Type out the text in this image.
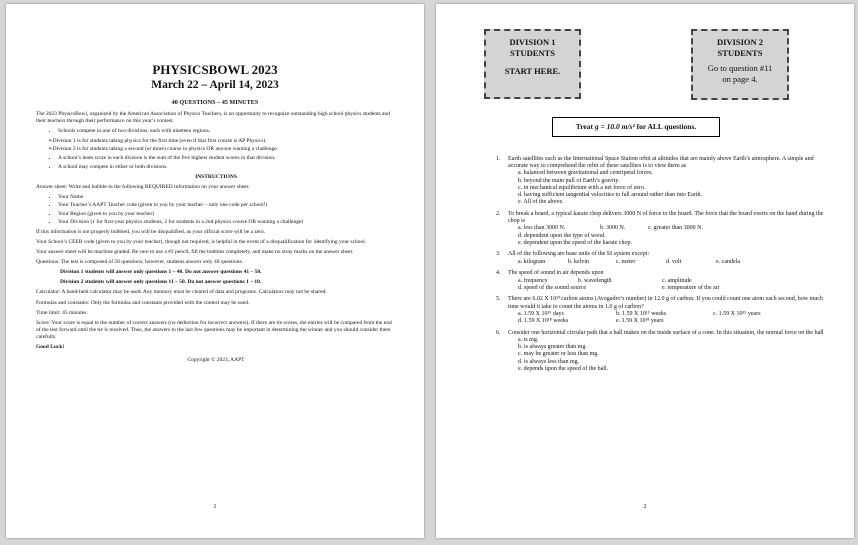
PHYSICSBOWL 2023
March 22 – April 14, 2023
40 QUESTIONS – 45 MINUTES

The 2023 PhysicsBowl, organized by the American Association of Physics Teachers, is an opportunity to recognize outstanding high school physics students and their teachers through their performance on this year’s contest.

• Schools compete in one of two divisions, each with nineteen regions.
➢ Division 1 is for students taking physics for the first time (even if that first course is AP Physics).
➢ Division 2 is for students taking a second (or more) course in physics OR anyone wanting a challenge.
• A school’s team score in each division is the sum of the five highest student scores in that division.
• A school may compete in either or both divisions.

INSTRUCTIONS

Answer sheet: Write and bubble-in the following REQUIRED information on your answer sheet:

• Your Name
• Your Teacher’s AAPT Teacher code (given to you by your teacher – only one code per school!)
• Your Region (given to you by your teacher)
• Your Division (1 for first-year physics students, 2 for students in a 2nd physics course OR wanting a challenge)

If this information is not properly bubbled, you will be disqualified, as your official score will be a zero.

Your School’s CEEB code (given to you by your teacher), though not required, is helpful in the event of a disqualification for identifying your school.

Your answer sheet will be machine graded. Be sure to use a #2 pencil, fill the bubbles completely, and make no stray marks on the answer sheet.

Questions: The test is composed of 50 questions; however, students answer only 40 questions.

Division 1 students will answer only questions 1 – 40. Do not answer questions 41 – 50.

Division 2 students will answer only questions 11 – 50. Do not answer questions 1 – 10.

Calculator: A hand-held calculator may be used. Any memory must be cleared of data and programs. Calculators may not be shared.

Formulas and constants: Only the formulas and constants provided with the contest may be used.

Time limit: 45 minutes.

Score: Your score is equal to the number of correct answers (no deduction for incorrect answers). If there are tie scores, the entries will be compared from the end of the test forward until the tie is resolved. Thus, the answers to the last few questions may be important in determining the winner and you should consider them carefully.

Good Luck!

Copyright © 2023, AAPT

1
DIVISION 1
STUDENTS
START HERE.
DIVISION 2
STUDENTS
Go to question #11
on page 4.
Treat g = 10.0 m/s² for ALL questions.
1. Earth satellites such as the International Space Station orbit at altitudes that are mainly above Earth’s atmosphere. A simple and accurate way to comprehend the orbit of these satellites is to view them as
a. balanced between gravitational and centripetal forces.
b. beyond the main pull of Earth’s gravity.
c. in mechanical equilibrium with a net force of zero.
d. having sufficient tangential velocities to fall around rather than into Earth.
e. All of the above.
2. To break a board, a typical karate chop delivers 3000 N of force to the board. The force that the board exerts on the hand during the chop is
a. less than 3000 N.	b. 3000 N.	c. greater than 3000 N.
d. dependent upon the type of wood.
e. dependent upon the speed of the karate chop.
3. All of the following are base units of the SI system except:
a. kilogram	b. kelvin	c. meter	d. volt	e. candela
4. The speed of sound in air depends upon
a. frequency	b. wavelength	c. amplitude
d. speed of the sound source	e. temperature of the air
5. There are 6.02 X 10²³ carbon atoms (Avogadro’s number) in 12.0 g of carbon. If you could count one atom each second, how much time would it take to count the atoms in 1.0 g of carbon?
a. 1.59 X 10¹⁵ days	b. 1.59 X 10¹⁵ weeks	c. 1.59 X 10¹⁵ years
d. 1.59 X 10¹⁸ weeks	e. 1.59 X 10¹⁸ years
6. Consider one horizontal circular path that a ball makes on the inside surface of a cone. In this situation, the normal force on the ball
a. is mg.
b. is always greater than mg.
c. may be greater or less than mg.
d. is always less than mg.
e. depends upon the speed of the ball.
2
